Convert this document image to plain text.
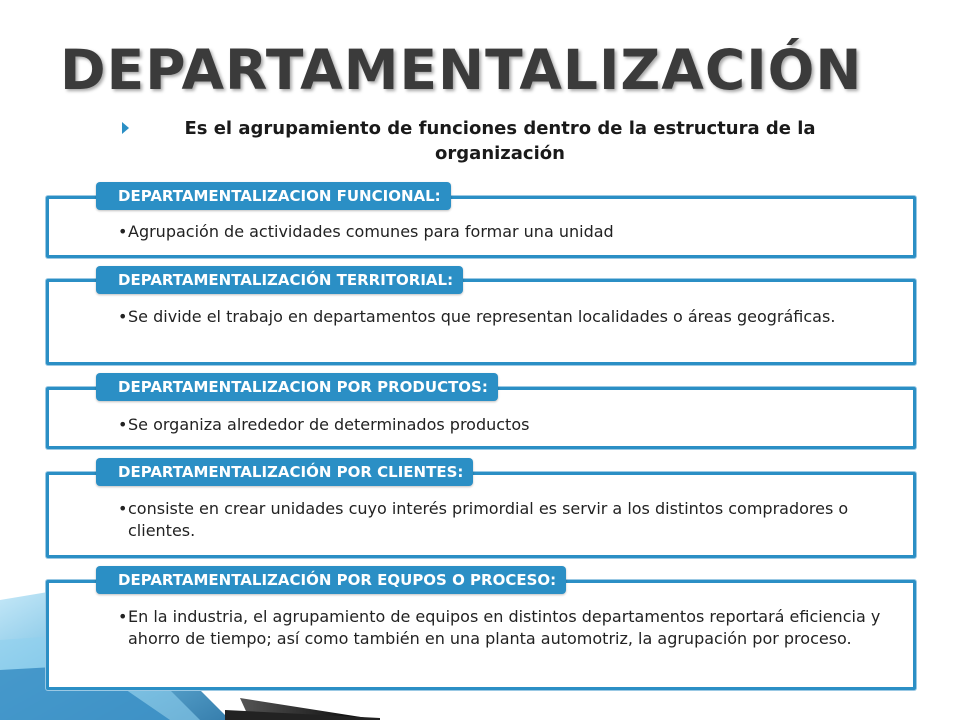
DEPARTAMENTALIZACIÓN
Es el agrupamiento de funciones dentro de la estructura de la organización
DEPARTAMENTALIZACION FUNCIONAL:
• Agrupación de actividades comunes para formar una unidad
DEPARTAMENTALIZACIÓN TERRITORIAL:
• Se divide el trabajo en departamentos que representan localidades o áreas geográficas.
DEPARTAMENTALIZACION POR PRODUCTOS:
• Se organiza alrededor de determinados productos
DEPARTAMENTALIZACIÓN POR CLIENTES:
• consiste en crear unidades cuyo interés primordial es servir a los distintos compradores o clientes.
DEPARTAMENTALIZACIÓN POR EQUPOS O PROCESO:
• En la industria, el agrupamiento de equipos en distintos departamentos reportará eficiencia y ahorro de tiempo; así como también en una planta automotriz, la agrupación por proceso.
